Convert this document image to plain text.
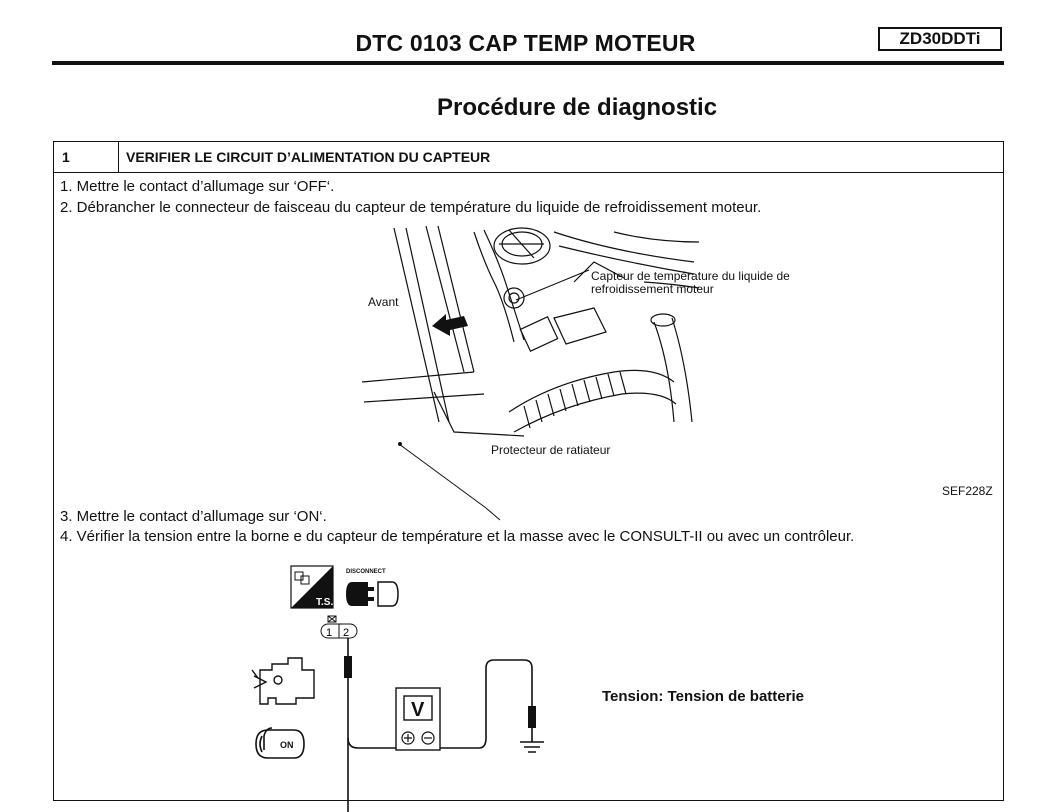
DTC 0103 CAP TEMP MOTEUR	ZD30DDTi
Procédure de diagnostic
1	VERIFIER LE CIRCUIT D’ALIMENTATION DU CAPTEUR
1. Mettre le contact d’allumage sur ‘OFF‘.
2. Débrancher le connecteur de faisceau du capteur de température du liquide de refroidissement moteur.
3. Mettre le contact d’allumage sur ‘ON‘.
4. Vérifier la tension entre la borne e du capteur de température et la masse avec le CONSULT-II ou avec un contrôleur.
Avant
Capteur de température du liquide de
refroidissement moteur
Protecteur de ratiateur
SEF228Z
T.S.
DISCONNECT
1 2
V
ON
Tension: Tension de batterie
